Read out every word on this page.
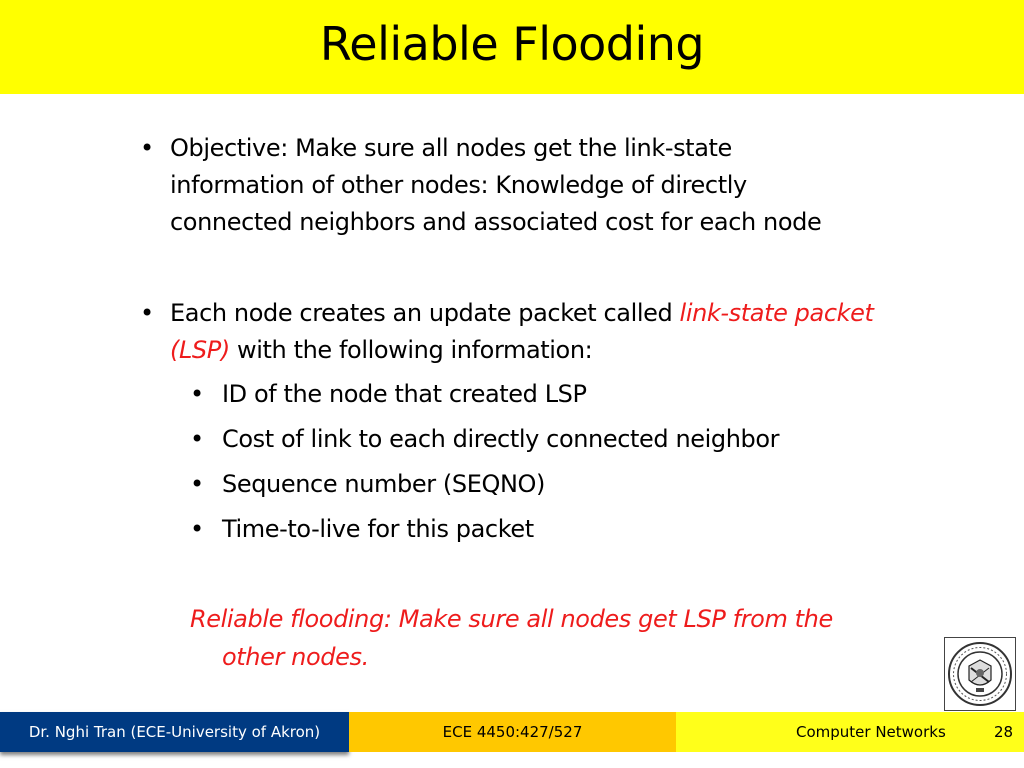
Reliable Flooding
• Objective: Make sure all nodes get the link-state
information of other nodes: Knowledge of directly
connected neighbors and associated cost for each node
• Each node creates an update packet called link-state packet
(LSP) with the following information:
• ID of the node that created LSP
• Cost of link to each directly connected neighbor
• Sequence number (SEQNO)
• Time-to-live for this packet
Reliable flooding: Make sure all nodes get LSP from the
other nodes.
Dr. Nghi Tran (ECE-University of Akron)	ECE 4450:427/527	Computer Networks	28
